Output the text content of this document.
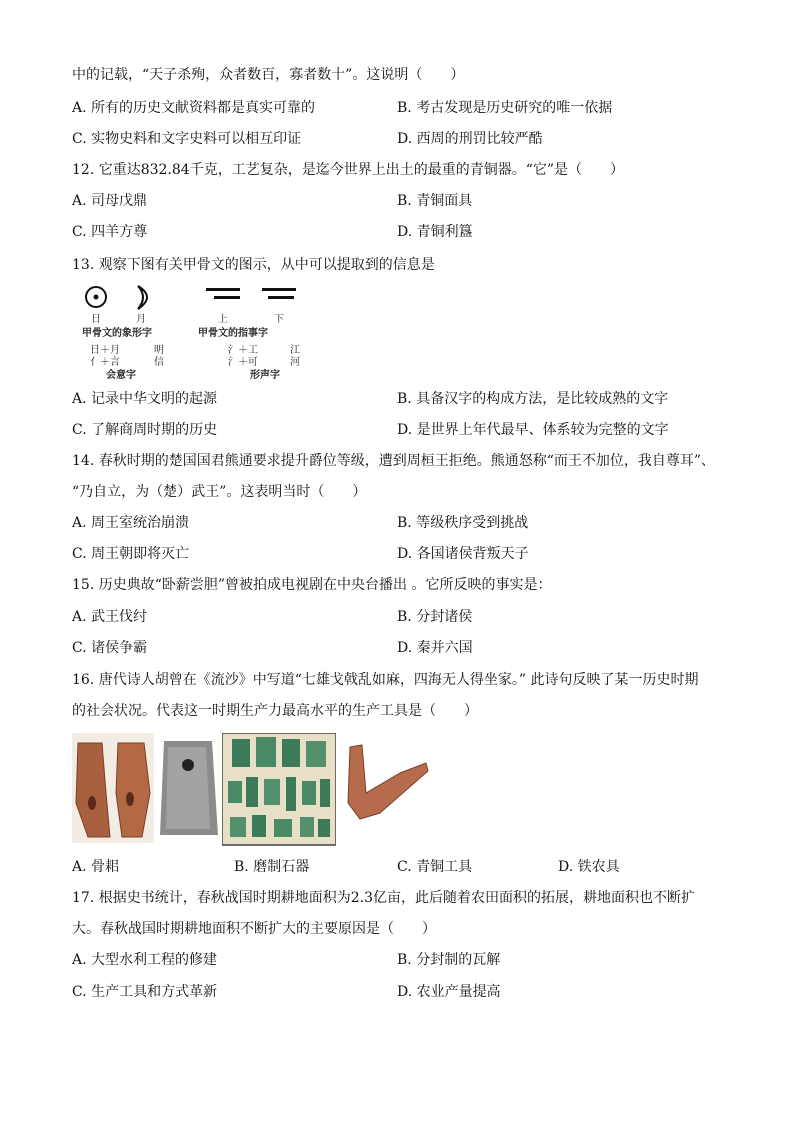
中的记载，“天子杀殉，众者数百，寡者数十”。这说明（　　）
A. 所有的历史文献资料都是真实可靠的	B. 考古发现是历史研究的唯一依据
C. 实物史料和文字史料可以相互印证	D. 西周的刑罚比较严酷
12. 它重达832.84千克，工艺复杂，是迄今世界上出土的最重的青铜器。“它”是（　　）
A. 司母戊鼎	B. 青铜面具
C. 四羊方尊	D. 青铜利簋
13. 观察下图有关甲骨文的图示，从中可以提取到的信息是
日	月	上	下
甲骨文的象形字	甲骨文的指事字
日＋月	明
亻＋言	信
会意字
氵＋工	江
氵＋可	河
形声字
A. 记录中华文明的起源	B. 具备汉字的构成方法，是比较成熟的文字
C. 了解商周时期的历史	D. 是世界上年代最早、体系较为完整的文字
14. 春秋时期的楚国国君熊通要求提升爵位等级，遭到周桓王拒绝。熊通怒称“而王不加位，我自尊耳”、
“乃自立，为（楚）武王”。这表明当时（　　）
A. 周王室统治崩溃	B. 等级秩序受到挑战
C. 周王朝即将灭亡	D. 各国诸侯背叛天子
15. 历史典故“卧薪尝胆”曾被拍成电视剧在中央台播出 。它所反映的事实是：
A. 武王伐纣	B. 分封诸侯
C. 诸侯争霸	D. 秦并六国
16. 唐代诗人胡曾在《流沙》中写道“七雄戈戟乱如麻，四海无人得坐家。” 此诗句反映了某一历史时期
的社会状况。代表这一时期生产力最高水平的生产工具是（　　）
A. 骨耜	B. 磨制石器	C. 青铜工具	D. 铁农具
17. 根据史书统计，春秋战国时期耕地面积为2.3亿亩，此后随着农田面积的拓展，耕地面积也不断扩
大。春秋战国时期耕地面积不断扩大的主要原因是（　　）
A. 大型水利工程的修建	B. 分封制的瓦解
C. 生产工具和方式革新	D. 农业产量提高
